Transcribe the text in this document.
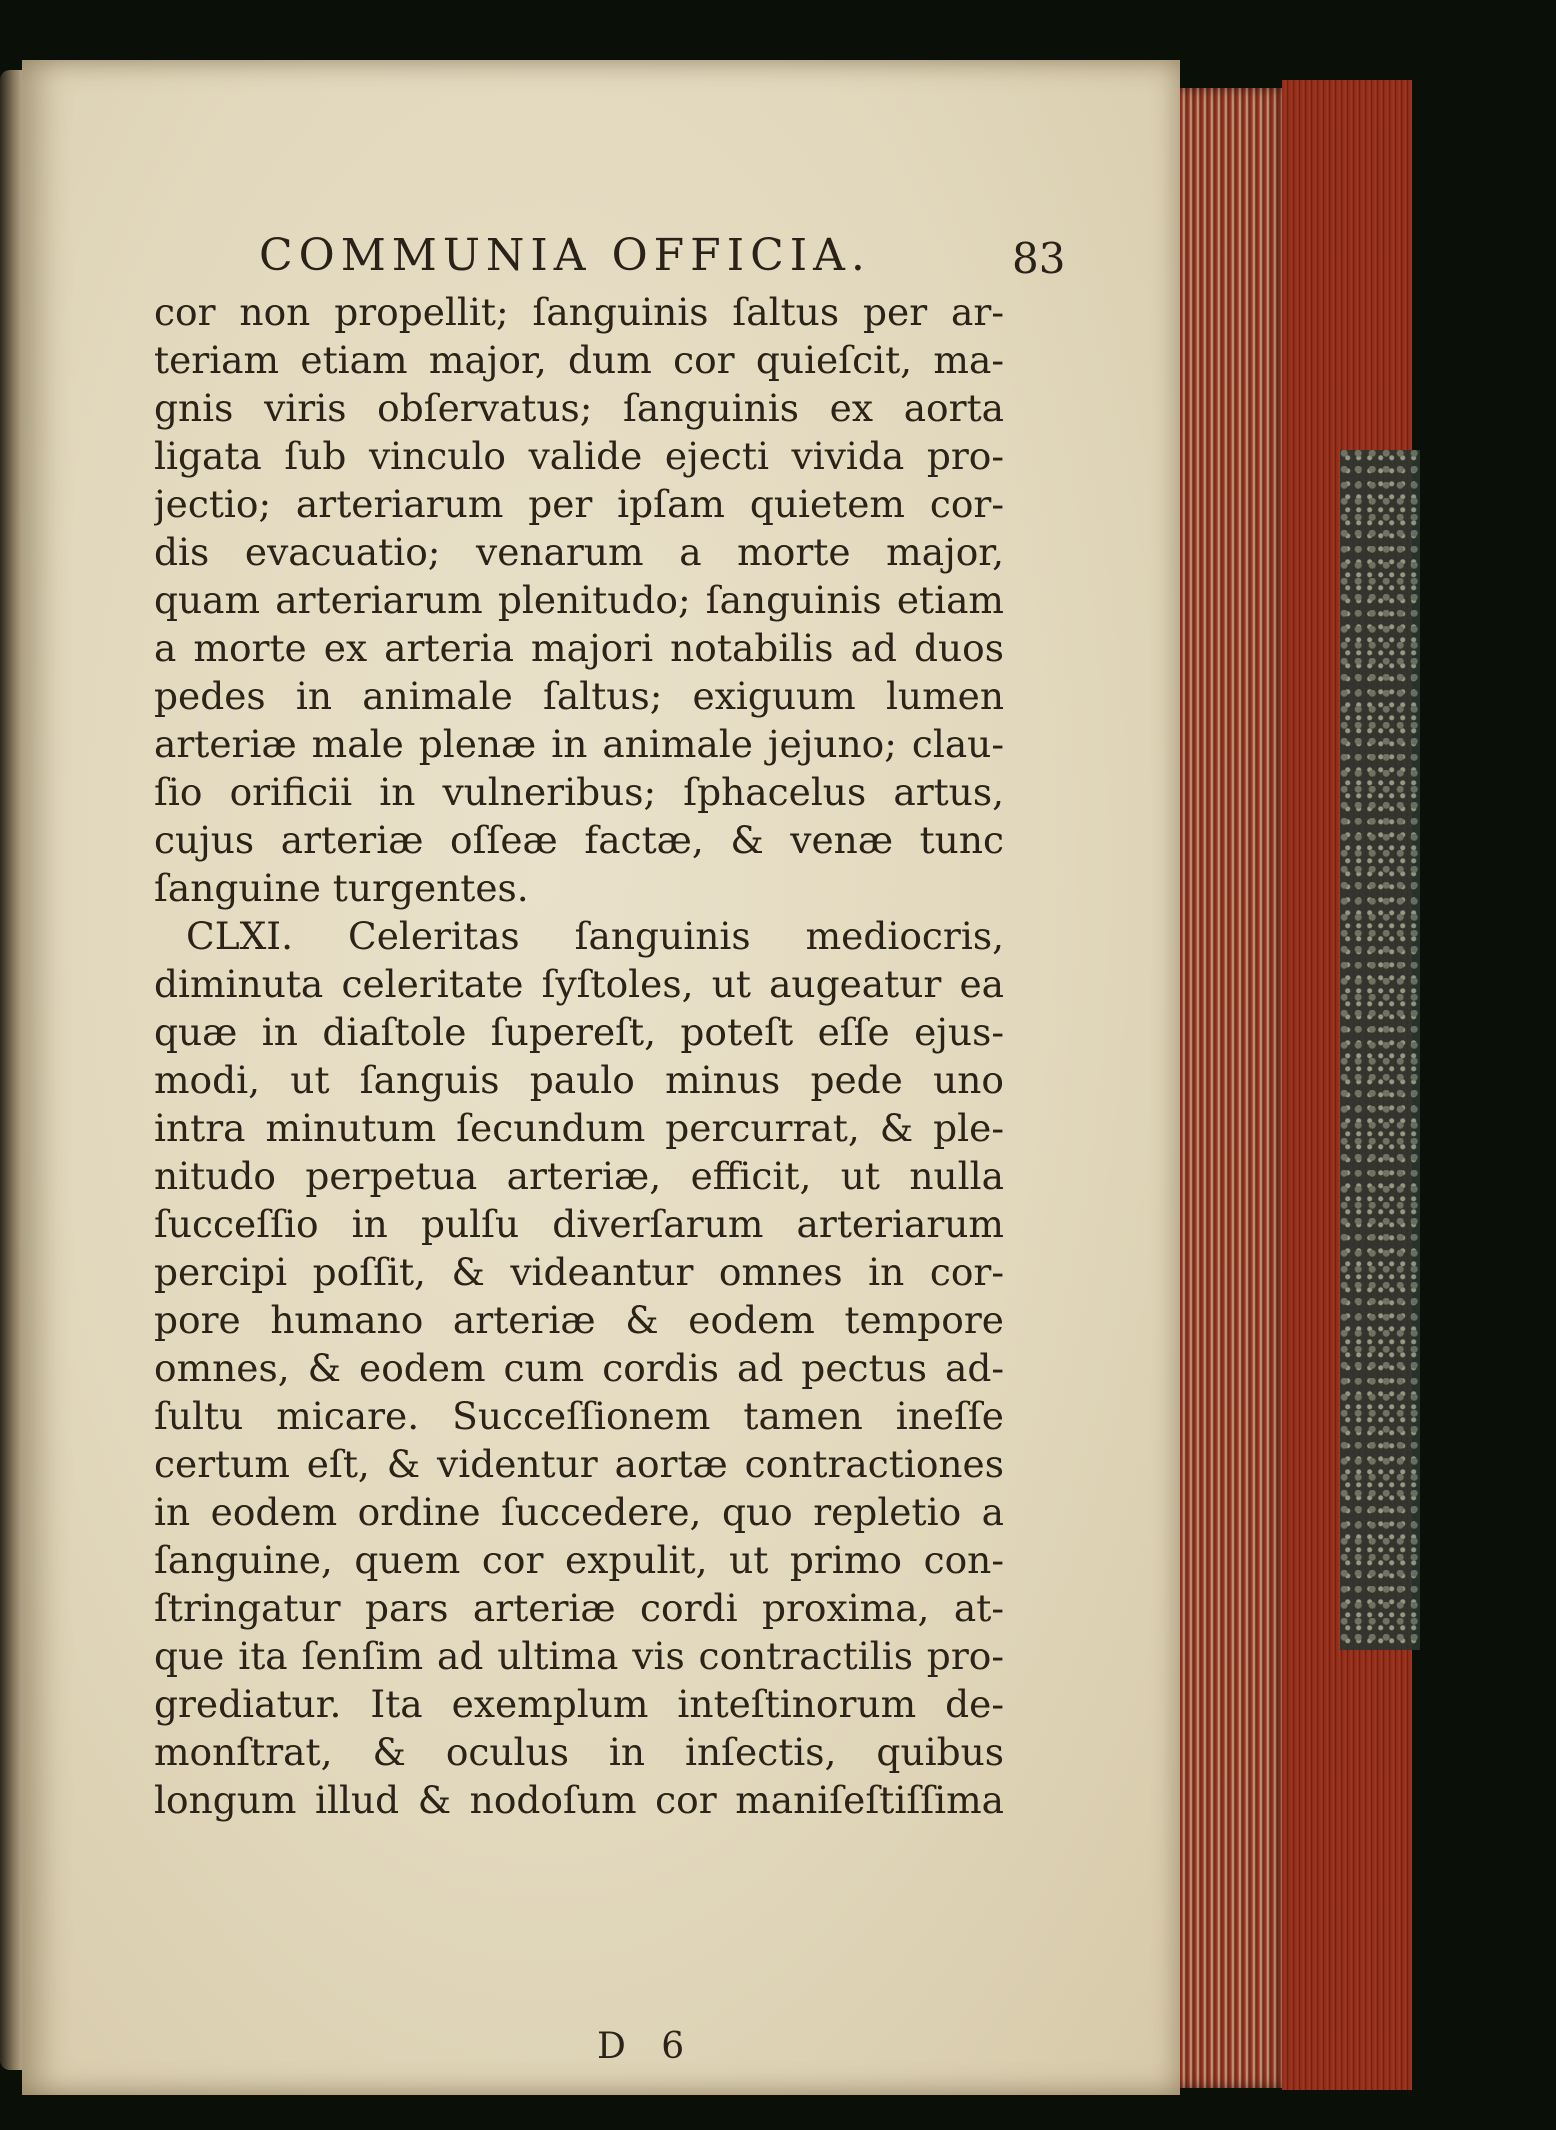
COMMUNIA OFFICIA.	83
cor non propellit; ſanguinis ſaltus per ar-
teriam etiam major, dum cor quieſcit, ma-
gnis viris obſervatus; ſanguinis ex aorta
ligata ſub vinculo valide ejecti vivida pro-
jectio; arteriarum per ipſam quietem cor-
dis evacuatio; venarum a morte major,
quam arteriarum plenitudo; ſanguinis etiam
a morte ex arteria majori notabilis ad duos
pedes in animale ſaltus; exiguum lumen
arteriæ male plenæ in animale jejuno; clau-
ſio orificii in vulneribus; ſphacelus artus,
cujus arteriæ oſſeæ factæ, & venæ tunc
ſanguine turgentes.
CLXI. Celeritas ſanguinis mediocris,
diminuta celeritate ſyſtoles, ut augeatur ea
quæ in diaſtole ſupereſt, poteſt eſſe ejus-
modi, ut ſanguis paulo minus pede uno
intra minutum ſecundum percurrat, & ple-
nitudo perpetua arteriæ, efficit, ut nulla
ſucceſſio in pulſu diverſarum arteriarum
percipi poſſit, & videantur omnes in cor-
pore humano arteriæ & eodem tempore
omnes, & eodem cum cordis ad pectus ad-
ſultu micare. Succeſſionem tamen ineſſe
certum eſt, & videntur aortæ contractiones
in eodem ordine ſuccedere, quo repletio a
ſanguine, quem cor expulit, ut primo con-
ſtringatur pars arteriæ cordi proxima, at-
que ita ſenſim ad ultima vis contractilis pro-
grediatur. Ita exemplum inteſtinorum de-
monſtrat, & oculus in inſectis, quibus
longum illud & nodoſum cor maniſeſtiſſima
D 6
